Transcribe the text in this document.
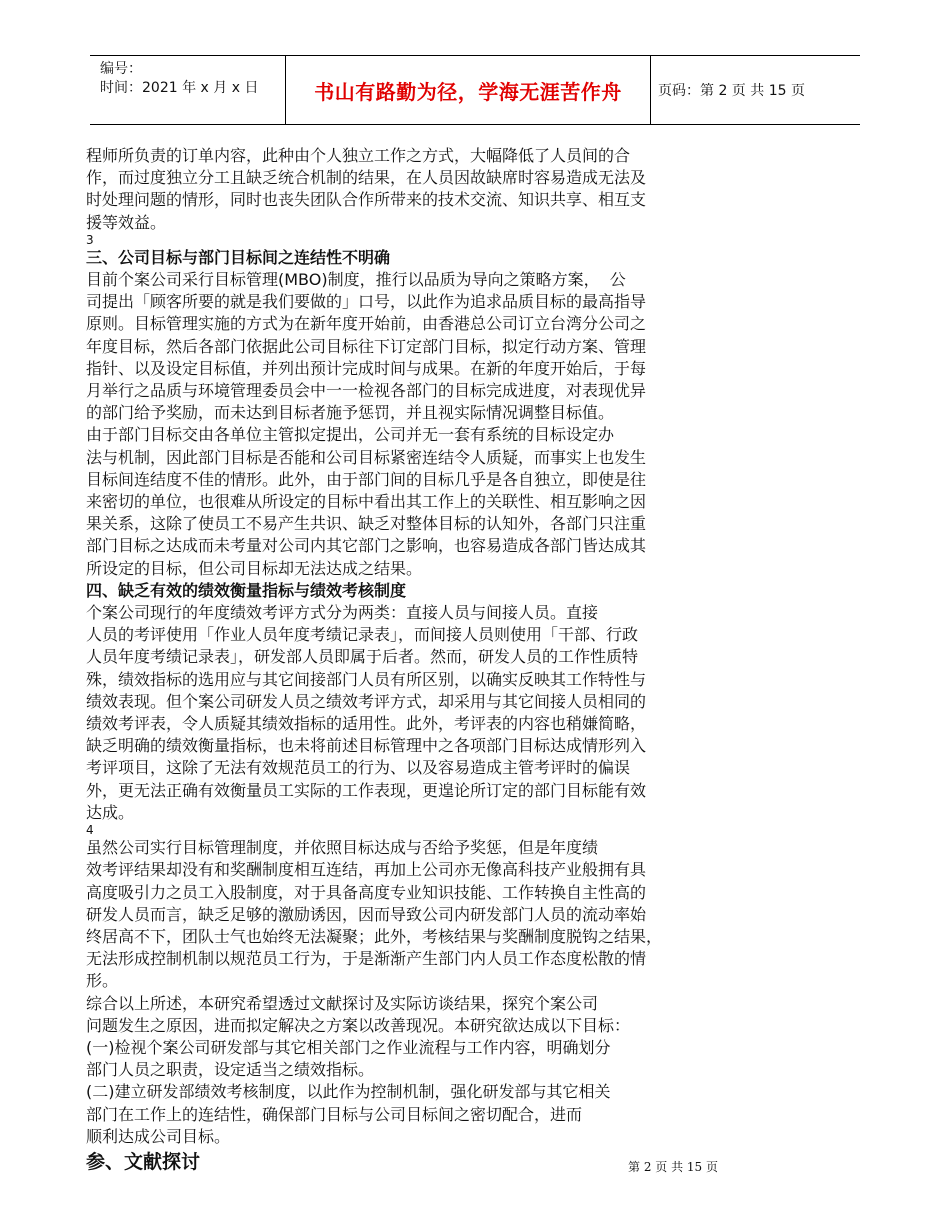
编号：
时间：2021 年 x 月 x 日	书山有路勤为径，学海无涯苦作舟	页码：第 2 页 共 15 页

程师所负责的订单内容，此种由个人独立工作之方式，大幅降低了人员间的合

作，而过度独立分工且缺乏统合机制的结果，在人员因故缺席时容易造成无法及

时处理问题的情形，同时也丧失团队合作所带来的技术交流、知识共享、相互支

援等效益。

3

三、公司目标与部门目标间之连结性不明确

目前个案公司采行目标管理(MBO)制度，推行以品质为导向之策略方案，  公

司提出「顾客所要的就是我们要做的」口号，以此作为追求品质目标的最高指导

原则。目标管理实施的方式为在新年度开始前，由香港总公司订立台湾分公司之

年度目标，然后各部门依据此公司目标往下订定部门目标，拟定行动方案、管理

指针、以及设定目标值，并列出预计完成时间与成果。在新的年度开始后，于每

月举行之品质与环境管理委员会中一一检视各部门的目标完成进度，对表现优异

的部门给予奖励，而未达到目标者施予惩罚，并且视实际情况调整目标值。

由于部门目标交由各单位主管拟定提出，公司并无一套有系统的目标设定办

法与机制，因此部门目标是否能和公司目标紧密连结令人质疑，而事实上也发生

目标间连结度不佳的情形。此外，由于部门间的目标几乎是各自独立，即使是往

来密切的单位，也很难从所设定的目标中看出其工作上的关联性、相互影响之因

果关系，这除了使员工不易产生共识、缺乏对整体目标的认知外，各部门只注重

部门目标之达成而未考量对公司内其它部门之影响，也容易造成各部门皆达成其

所设定的目标，但公司目标却无法达成之结果。

四、缺乏有效的绩效衡量指标与绩效考核制度

个案公司现行的年度绩效考评方式分为两类：直接人员与间接人员。直接

人员的考评使用「作业人员年度考绩记录表」，而间接人员则使用「干部、行政

人员年度考绩记录表」，研发部人员即属于后者。然而，研发人员的工作性质特

殊，绩效指标的选用应与其它间接部门人员有所区别，以确实反映其工作特性与

绩效表现。但个案公司研发人员之绩效考评方式，却采用与其它间接人员相同的

绩效考评表，令人质疑其绩效指标的适用性。此外，考评表的内容也稍嫌简略，

缺乏明确的绩效衡量指标，也未将前述目标管理中之各项部门目标达成情形列入

考评项目，这除了无法有效规范员工的行为、以及容易造成主管考评时的偏误

外，更无法正确有效衡量员工实际的工作表现，更遑论所订定的部门目标能有效

达成。

4

虽然公司实行目标管理制度，并依照目标达成与否给予奖惩，但是年度绩

效考评结果却没有和奖酬制度相互连结，再加上公司亦无像高科技产业般拥有具

高度吸引力之员工入股制度，对于具备高度专业知识技能、工作转换自主性高的

研发人员而言，缺乏足够的激励诱因，因而导致公司内研发部门人员的流动率始

终居高不下，团队士气也始终无法凝聚；此外，考核结果与奖酬制度脱钩之结果，

无法形成控制机制以规范员工行为，于是渐渐产生部门内人员工作态度松散的情

形。

综合以上所述，本研究希望透过文献探讨及实际访谈结果，探究个案公司

问题发生之原因，进而拟定解决之方案以改善现况。本研究欲达成以下目标：

(一)检视个案公司研发部与其它相关部门之作业流程与工作内容，明确划分

部门人员之职责，设定适当之绩效指标。

(二)建立研发部绩效考核制度，以此作为控制机制，强化研发部与其它相关

部门在工作上的连结性，确保部门目标与公司目标间之密切配合，进而

顺利达成公司目标。

参、文献探讨	第 2 页 共 15 页
